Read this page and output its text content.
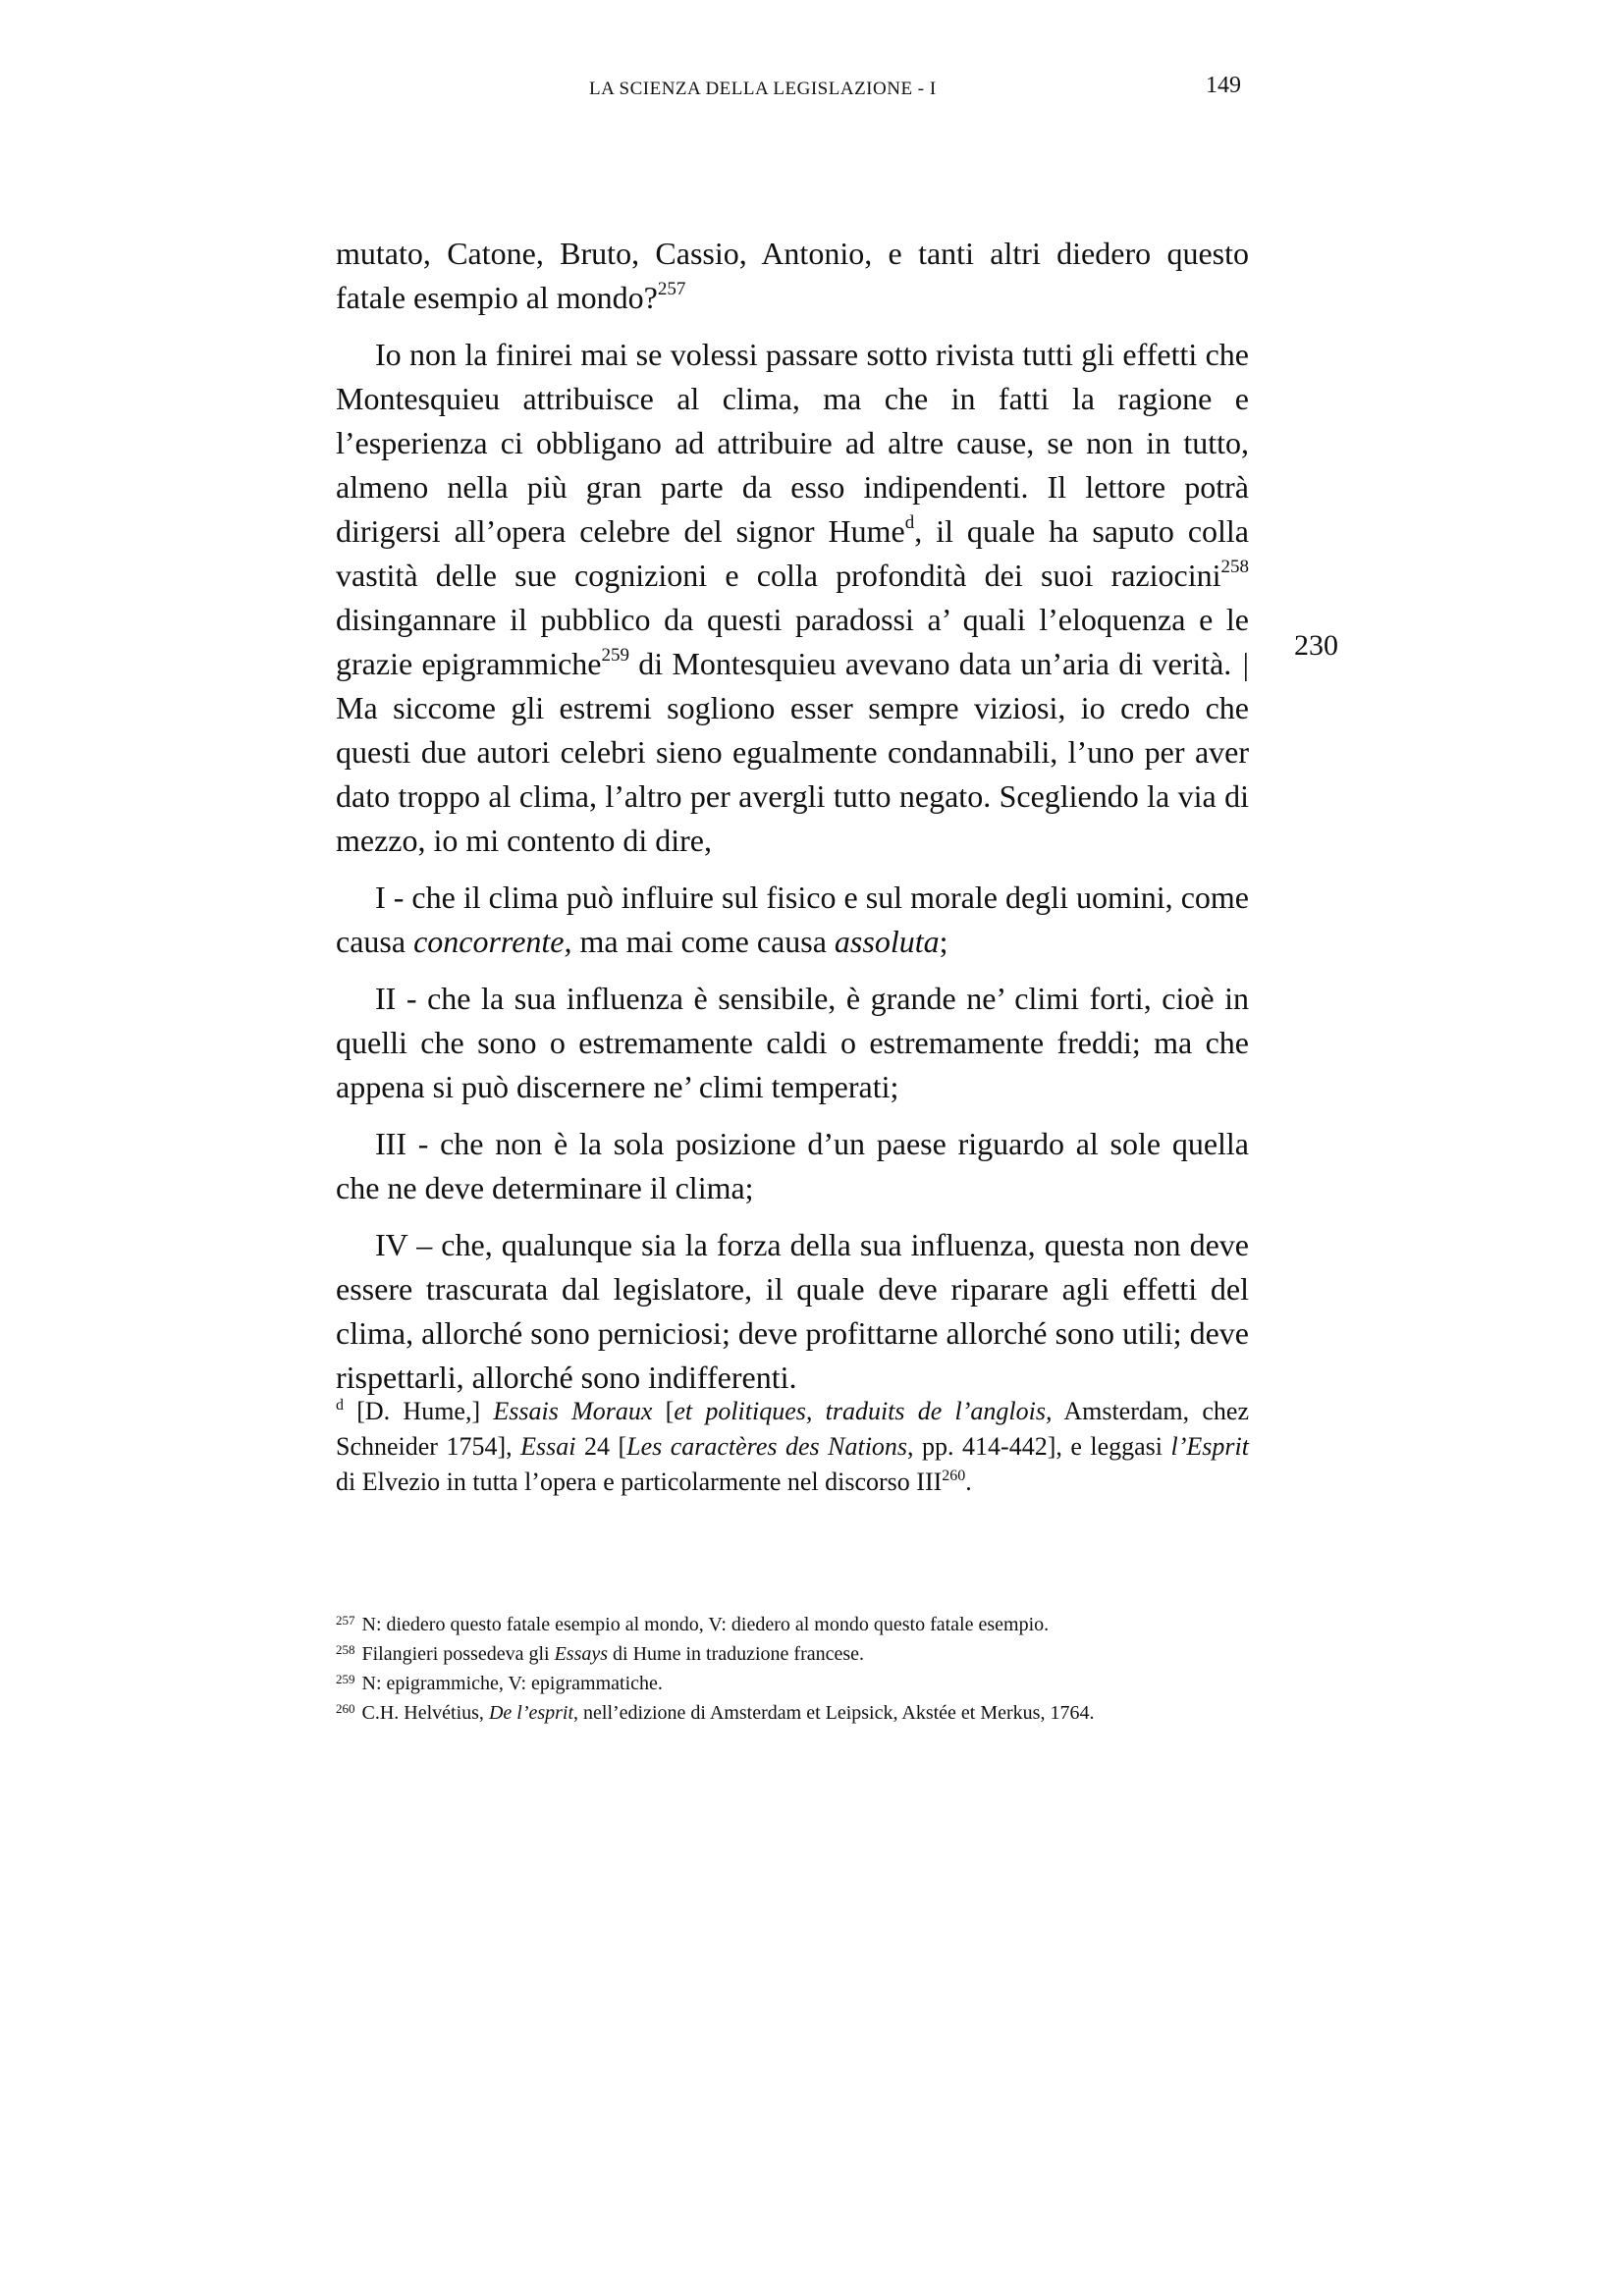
LA SCIENZA DELLA LEGISLAZIONE - I	149
230

mutato, Catone, Bruto, Cassio, Antonio, e tanti altri diedero questo fatale esempio al mondo?$^{257}$

Io non la finirei mai se volessi passare sotto rivista tutti gli effetti che Montesquieu attribuisce al clima, ma che in fatti la ragione e l’esperienza ci obbligano ad attribuire ad altre cause, se non in tutto, almeno nella più gran parte da esso indipendenti. Il lettore potrà dirigersi all’opera celebre del signor Hume$^d$, il quale ha saputo colla vastità delle sue cognizioni e colla profondità dei suoi raziocini$^{258}$ disingannare il pubblico da questi paradossi a’ quali l’eloquenza e le grazie epigrammiche$^{259}$ di Montesquieu avevano data un’aria di verità. | Ma siccome gli estremi sogliono esser sempre viziosi, io credo che questi due autori celebri sieno egualmente condannabili, l’uno per aver dato troppo al clima, l’altro per avergli tutto negato. Scegliendo la via di mezzo, io mi contento di dire,

I - che il clima può influire sul fisico e sul morale degli uomini, come causa concorrente, ma mai come causa assoluta;

II - che la sua influenza è sensibile, è grande ne’ climi forti, cioè in quelli che sono o estremamente caldi o estremamente freddi; ma che appena si può discernere ne’ climi temperati;

III - che non è la sola posizione d’un paese riguardo al sole quella che ne deve determinare il clima;

IV – che, qualunque sia la forza della sua influenza, questa non deve essere trascurata dal legislatore, il quale deve riparare agli effetti del clima, allorché sono perniciosi; deve profittarne allorché sono utili; deve rispettarli, allorché sono indifferenti.

$^d$ [D. Hume,] Essais Moraux [et politiques, traduits de l’anglois, Amsterdam, chez Schneider 1754], Essai 24 [Les caractères des Nations, pp. 414-442], e leggasi l’Esprit di Elvezio in tutta l’opera e particolarmente nel discorso III$^{260}$.

$^{257}$ N: diedero questo fatale esempio al mondo, V: diedero al mondo questo fatale esempio.

$^{258}$ Filangieri possedeva gli Essays di Hume in traduzione francese.

$^{259}$ N: epigrammiche, V: epigrammatiche.

$^{260}$ C.H. Helvétius, De l’esprit, nell’edizione di Amsterdam et Leipsick, Akstée et Merkus, 1764.
